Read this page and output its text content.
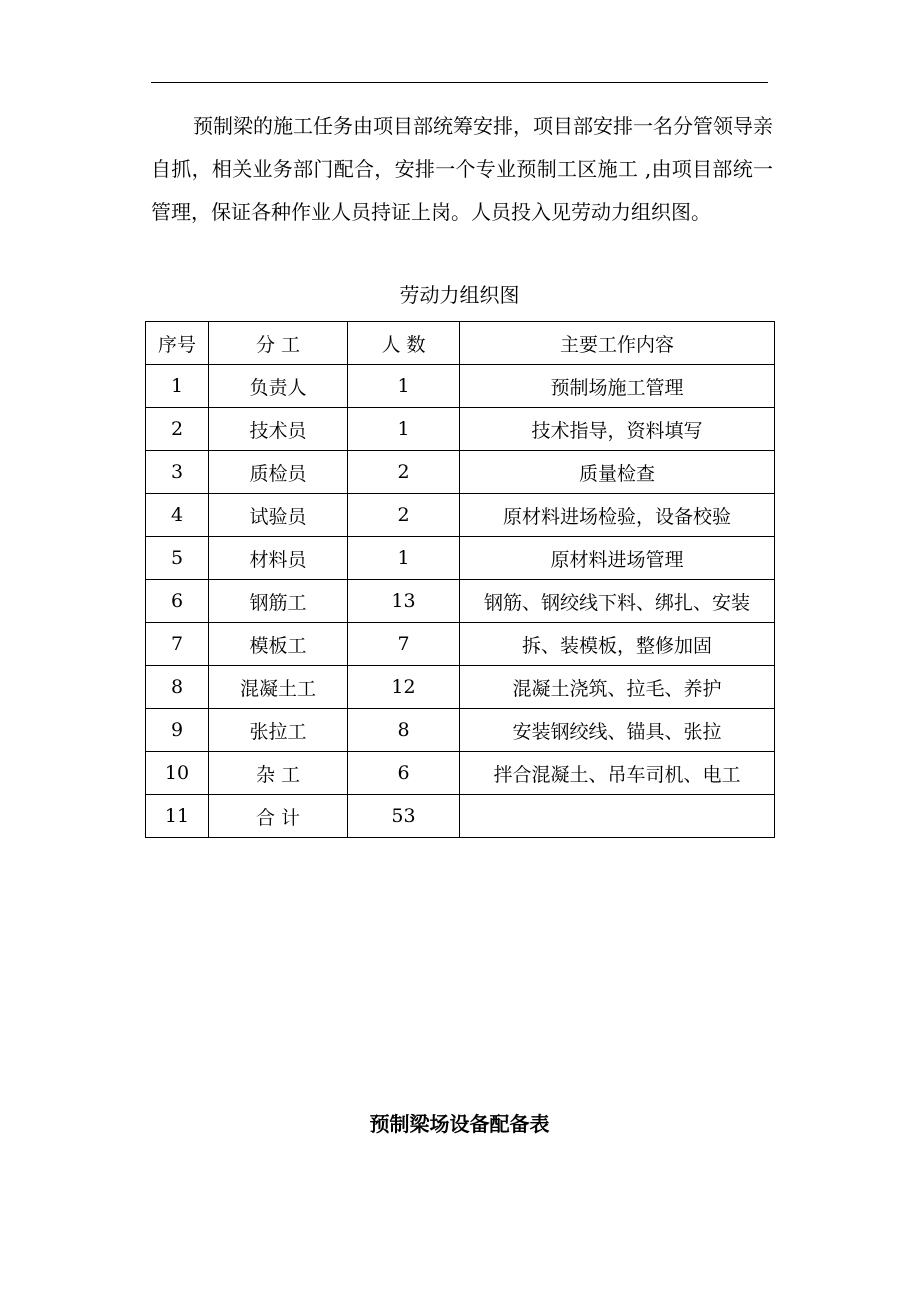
预制梁的施工任务由项目部统筹安排，项目部安排一名分管领导亲自抓，相关业务部门配合，安排一个专业预制工区施工 ,由项目部统一管理，保证各种作业人员持证上岗。人员投入见劳动力组织图。

劳动力组织图
序号	分 工	人 数	主要工作内容
1	负责人	1	预制场施工管理
2	技术员	1	技术指导，资料填写
3	质检员	2	质量检查
4	试验员	2	原材料进场检验，设备校验
5	材料员	1	原材料进场管理
6	钢筋工	13	钢筋、钢绞线下料、绑扎、安装
7	模板工	7	拆、装模板，整修加固
8	混凝土工	12	混凝土浇筑、拉毛、养护
9	张拉工	8	安装钢绞线、锚具、张拉
10	杂 工	6	拌合混凝土、吊车司机、电工
11	合 计	53	
预制梁场设备配备表
